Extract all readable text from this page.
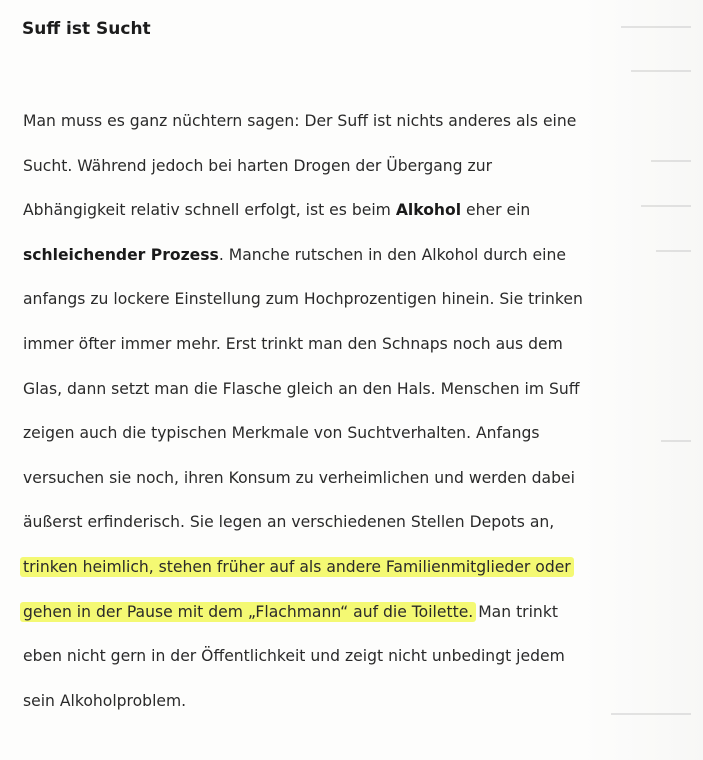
Suff ist Sucht
Man muss es ganz nüchtern sagen: Der Suff ist nichts anderes als eine
Sucht. Während jedoch bei harten Drogen der Übergang zur
Abhängigkeit relativ schnell erfolgt, ist es beim Alkohol eher ein
schleichender Prozess. Manche rutschen in den Alkohol durch eine
anfangs zu lockere Einstellung zum Hochprozentigen hinein. Sie trinken
immer öfter immer mehr. Erst trinkt man den Schnaps noch aus dem
Glas, dann setzt man die Flasche gleich an den Hals. Menschen im Suff
zeigen auch die typischen Merkmale von Suchtverhalten. Anfangs
versuchen sie noch, ihren Konsum zu verheimlichen und werden dabei
äußerst erfinderisch. Sie legen an verschiedenen Stellen Depots an,
trinken heimlich, stehen früher auf als andere Familienmitglieder oder
gehen in der Pause mit dem „Flachmann“ auf die Toilette. Man trinkt
eben nicht gern in der Öffentlichkeit und zeigt nicht unbedingt jedem
sein Alkoholproblem.
